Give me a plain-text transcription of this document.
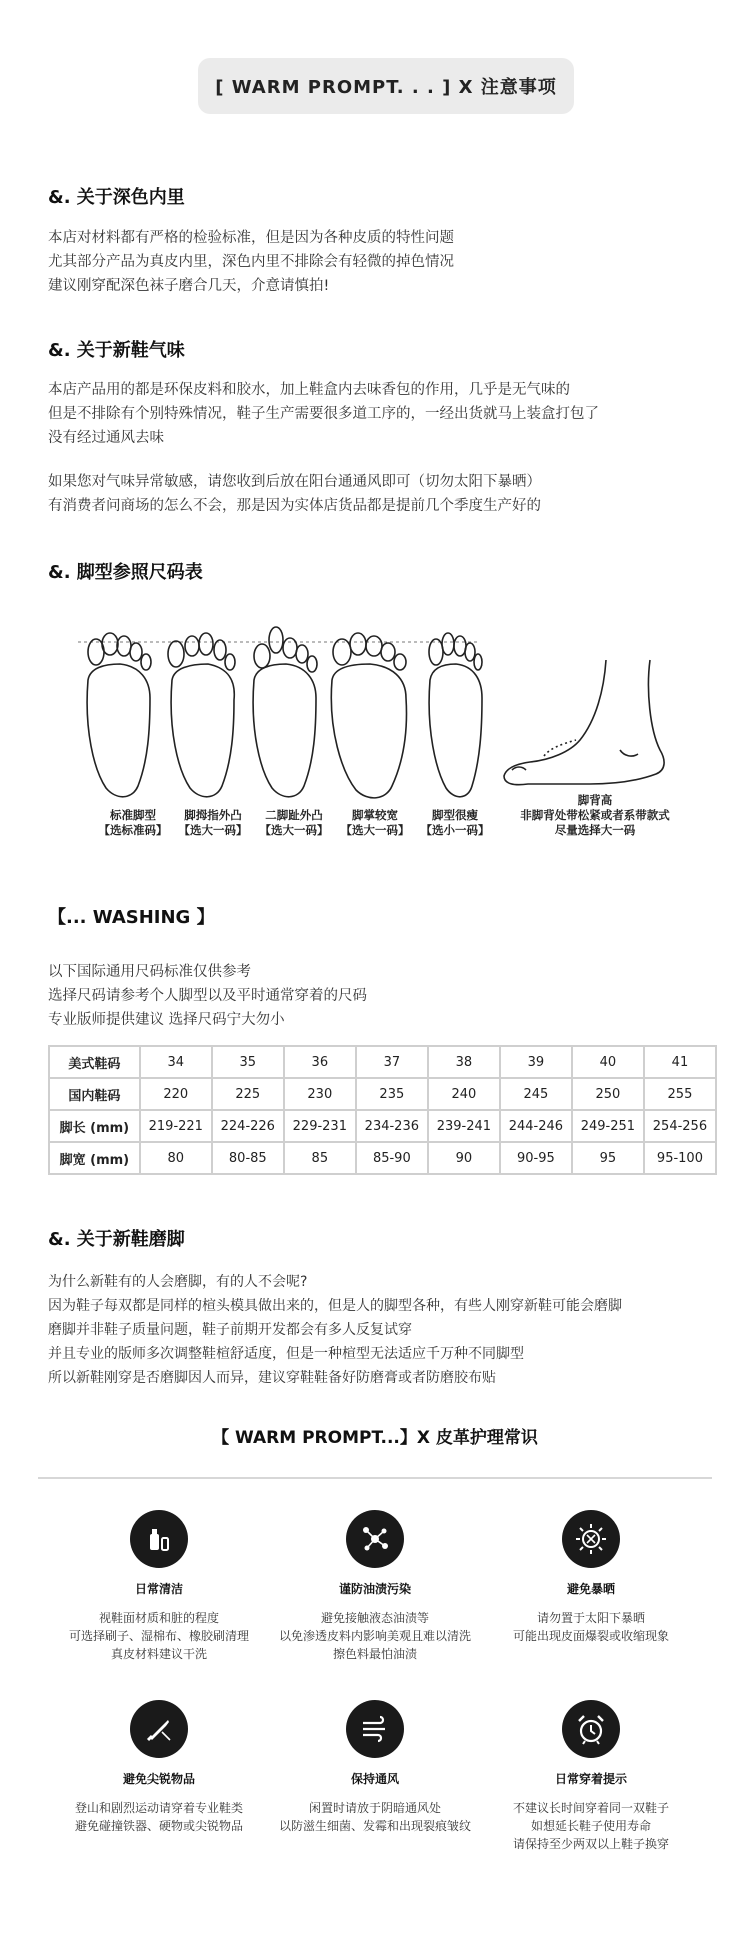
[ WARM PROMPT. . . ] X 注意事项
&. 关于深色内里
本店对材料都有严格的检验标准，但是因为各种皮质的特性问题
尤其部分产品为真皮内里，深色内里不排除会有轻微的掉色情况
建议刚穿配深色袜子磨合几天，介意请慎拍!
&. 关于新鞋气味
本店产品用的都是环保皮料和胶水，加上鞋盒内去味香包的作用，几乎是无气味的
但是不排除有个别特殊情况，鞋子生产需要很多道工序的，一经出货就马上装盒打包了
没有经过通风去味
如果您对气味异常敏感，请您收到后放在阳台通通风即可（切勿太阳下暴晒）
有消费者问商场的怎么不会，那是因为实体店货品都是提前几个季度生产好的
&. 脚型参照尺码表
标准脚型
【选标准码】
脚拇指外凸
【选大一码】
二脚趾外凸
【选大一码】
脚掌较宽
【选大一码】
脚型很瘦
【选小一码】
脚背高
非脚背处带松紧或者系带款式
尽量选择大一码
【... WASHING 】
以下国际通用尺码标准仅供参考
选择尺码请参考个人脚型以及平时通常穿着的尺码
专业版师提供建议 选择尺码宁大勿小
美式鞋码	34	35	36	37	38	39	40	41
国内鞋码	220	225	230	235	240	245	250	255
脚长 (mm)	219-221	224-226	229-231	234-236	239-241	244-246	249-251	254-256
脚宽 (mm)	80	80-85	85	85-90	90	90-95	95	95-100
&. 关于新鞋磨脚
为什么新鞋有的人会磨脚，有的人不会呢?
因为鞋子每双都是同样的楦头模具做出来的，但是人的脚型各种，有些人刚穿新鞋可能会磨脚
磨脚并非鞋子质量问题，鞋子前期开发都会有多人反复试穿
并且专业的版师多次调整鞋楦舒适度，但是一种楦型无法适应千万种不同脚型
所以新鞋刚穿是否磨脚因人而异，建议穿鞋鞋备好防磨膏或者防磨胶布贴
【 WARM PROMPT...】X 皮革护理常识
日常清洁
视鞋面材质和脏的程度
可选择刷子、湿棉布、橡胶刷清理
真皮材料建议干洗
谨防油渍污染
避免接触液态油渍等
以免渗透皮料内影响美观且难以清洗
擦色料最怕油渍
避免暴晒
请勿置于太阳下暴晒
可能出现皮面爆裂或收缩现象
避免尖锐物品
登山和剧烈运动请穿着专业鞋类
避免碰撞铁器、硬物或尖锐物品
保持通风
闲置时请放于阴暗通风处
以防滋生细菌、发霉和出现裂痕皱纹
日常穿着提示
不建议长时间穿着同一双鞋子
如想延长鞋子使用寿命
请保持至少两双以上鞋子换穿
